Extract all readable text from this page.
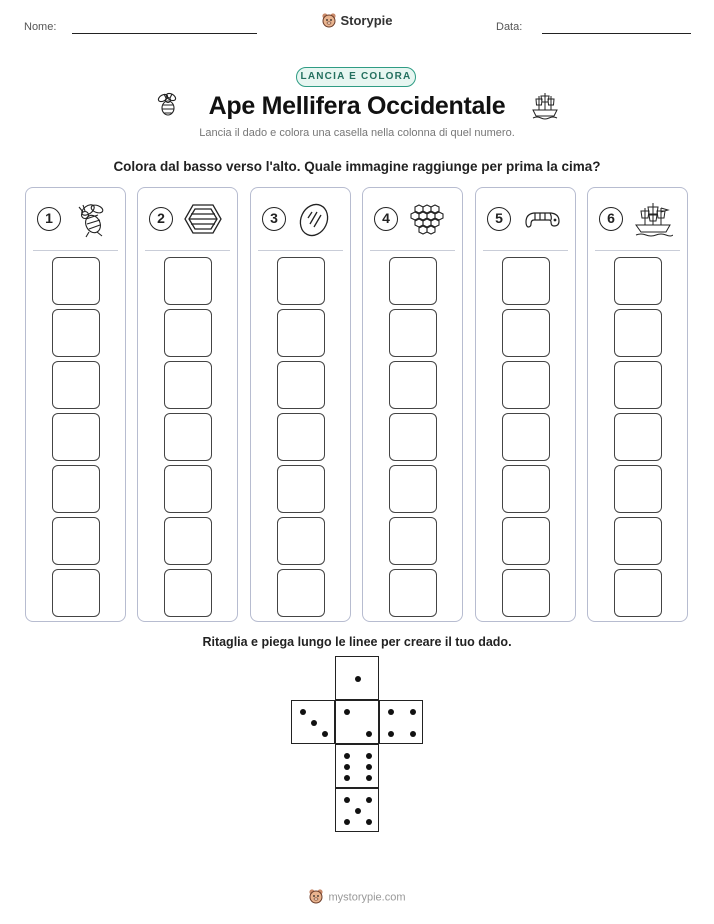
Nome:	Storypie	Data:
LANCIA E COLORA
Ape Mellifera Occidentale
Lancia il dado e colora una casella nella colonna di quel numero.
Colora dal basso verso l'alto. Quale immagine raggiunge per prima la cima?
1	2	3	4	5	6
Ritaglia e piega lungo le linee per creare il tuo dado.
mystorypie.com
